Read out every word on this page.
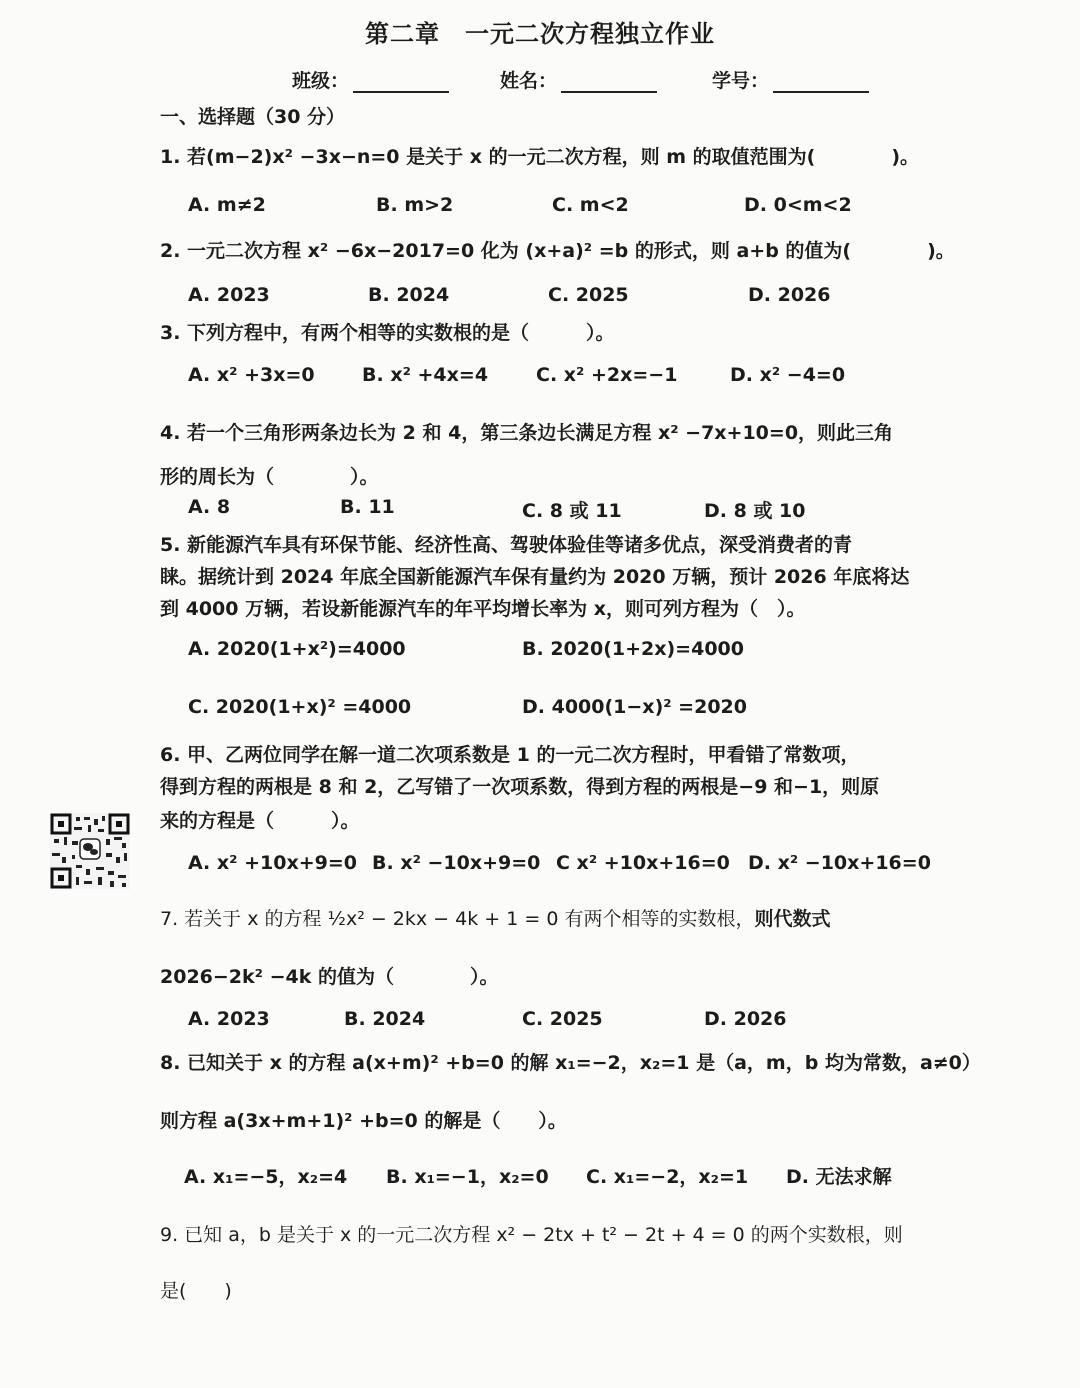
第二章　一元二次方程独立作业
班级：	姓名：	学号：
一、选择题（30 分）
1. 若(m−2)x² −3x−n=0 是关于 x 的一元二次方程，则 m 的取值范围为(　　　　)。
A. m≠2	B. m>2	C. m<2	D. 0<m<2
2. 一元二次方程 x² −6x−2017=0 化为 (x+a)² =b 的形式，则 a+b 的值为(　　　　)。
A. 2023	B. 2024	C. 2025	D. 2026
3. 下列方程中，有两个相等的实数根的是（　　　）。
A. x² +3x=0 B. x² +4x=4	C. x² +2x=−1	D. x² −4=0
4. 若一个三角形两条边长为 2 和 4，第三条边长满足方程 x² −7x+10=0，则此三角
形的周长为（　　　　）。
A. 8	B. 11	C. 8 或 11	D. 8 或 10
5. 新能源汽车具有环保节能、经济性高、驾驶体验佳等诸多优点，深受消费者的青
睐。据统计到 2024 年底全国新能源汽车保有量约为 2020 万辆，预计 2026 年底将达
到 4000 万辆，若设新能源汽车的年平均增长率为 x，则可列方程为（　）。
A. 2020(1+x²)=4000	B. 2020(1+2x)=4000
C. 2020(1+x)² =4000	D. 4000(1−x)² =2020
6. 甲、乙两位同学在解一道二次项系数是 1 的一元二次方程时，甲看错了常数项，
得到方程的两根是 8 和 2，乙写错了一次项系数，得到方程的两根是−9 和−1，则原
来的方程是（　　　）。
A. x² +10x+9=0 B. x² −10x+9=0 C x² +10x+16=0 D. x² −10x+16=0
7. 若关于 x 的方程 ½x² − 2kx − 4k + 1 = 0 有两个相等的实数根，则代数式
2026−2k² −4k 的值为（　　　　）。
A. 2023	B. 2024	C. 2025	D. 2026
8. 已知关于 x 的方程 a(x+m)² +b=0 的解 x₁=−2，x₂=1 是（a，m，b 均为常数，a≠0）
则方程 a(3x+m+1)² +b=0 的解是（　　）。
A. x₁=−5，x₂=4 B. x₁=−1，x₂=0 C. x₁=−2，x₂=1 D. 无法求解
9. 已知 a，b 是关于 x 的一元二次方程 x² − 2tx + t² − 2t + 4 = 0 的两个实数根，则
是(　　)
